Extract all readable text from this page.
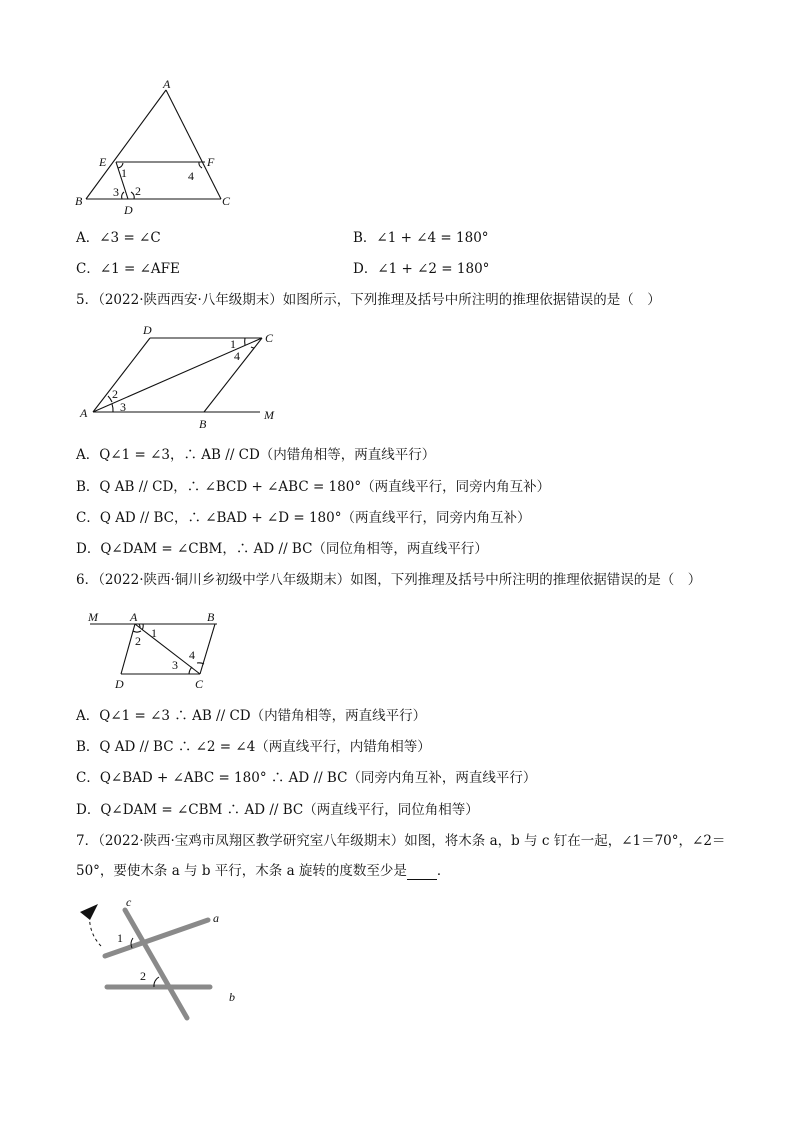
A
E	F
B	C
D
1
2
3
4
A．∠3 = ∠C	B．∠1 + ∠4 = 180°
C．∠1 = ∠AFE	D．∠1 + ∠2 = 180°
5．（2022·陕西西安·八年级期末）如图所示，下列推理及括号中所注明的推理依据错误的是（　）
D
C
A
B
M
1
4
2
3
A．Q∠1 = ∠3，∴ AB // CD（内错角相等，两直线平行）
B．Q AB // CD，∴ ∠BCD + ∠ABC = 180°（两直线平行，同旁内角互补）
C．Q AD // BC，∴ ∠BAD + ∠D = 180°（两直线平行，同旁内角互补）
D．Q∠DAM = ∠CBM，∴ AD // BC（同位角相等，两直线平行）
6．（2022·陕西·铜川乡初级中学八年级期末）如图，下列推理及括号中所注明的推理依据错误的是（　）
M	A	B
D	C
1
2
3
4
A．Q∠1 = ∠3 ∴ AB // CD（内错角相等，两直线平行）
B．Q AD // BC ∴ ∠2 = ∠4（两直线平行，内错角相等）
C．Q∠BAD + ∠ABC = 180° ∴ AD // BC（同旁内角互补，两直线平行）
D．Q∠DAM = ∠CBM ∴ AD // BC（两直线平行，同位角相等）
7．（2022·陕西·宝鸡市凤翔区教学研究室八年级期末）如图，将木条 a，b 与 c 钉在一起，∠1＝70°，∠2＝
50°，要使木条 a 与 b 平行，木条 a 旋转的度数至少是 ．
c
a
b
1
2
